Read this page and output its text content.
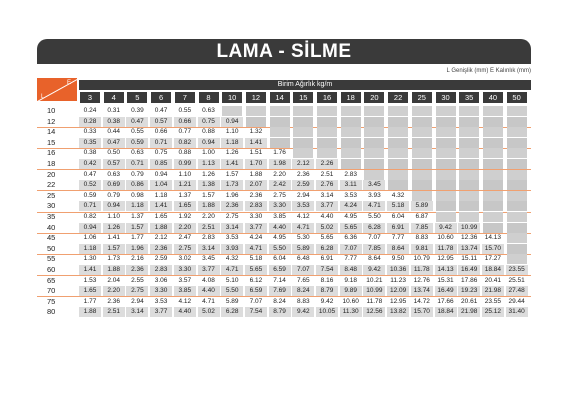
LAMA - SİLME
L Genişlik (mm) E Kalınlık (mm)
E
L
Birim Ağırlık kg/m
3	4	5	6	7	8	10	12	14	15	16	18	20	22	25	30	35	40	50
10	0.24	0.31	0.39	0.47	0.55	0.63
12	0.28	0.38	0.47	0.57	0.66	0.75	0.94
14	0.33	0.44	0.55	0.66	0.77	0.88	1.10	1.32
15	0.35	0.47	0.59	0.71	0.82	0.94	1.18	1.41
16	0.38	0.50	0.63	0.75	0.88	1.00	1.26	1.51	1.76
18	0.42	0.57	0.71	0.85	0.99	1.13	1.41	1.70	1.98	2.12	2.26
20	0.47	0.63	0.79	0.94	1.10	1.26	1.57	1.88	2.20	2.36	2.51	2.83
22	0.52	0.69	0.86	1.04	1.21	1.38	1.73	2.07	2.42	2.59	2.76	3.11	3.45
25	0.59	0.79	0.98	1.18	1.37	1.57	1.96	2.36	2.75	2.94	3.14	3.53	3.93	4.32
30	0.71	0.94	1.18	1.41	1.65	1.88	2.36	2.83	3.30	3.53	3.77	4.24	4.71	5.18	5.89
35	0.82	1.10	1.37	1.65	1.92	2.20	2.75	3.30	3.85	4.12	4.40	4.95	5.50	6.04	6.87
40	0.94	1.26	1.57	1.88	2.20	2.51	3.14	3.77	4.40	4.71	5.02	5.65	6.28	6.91	7.85	9.42	10.99
45	1.06	1.41	1.77	2.12	2.47	2.83	3.53	4.24	4.95	5.30	5.65	6.36	7.07	7.77	8.83	10.60	12.36	14.13
50	1.18	1.57	1.96	2.36	2.75	3.14	3.93	4.71	5.50	5.89	6.28	7.07	7.85	8.64	9.81	11.78	13.74	15.70
55	1.30	1.73	2.16	2.59	3.02	3.45	4.32	5.18	6.04	6.48	6.91	7.77	8.64	9.50	10.79	12.95	15.11	17.27
60	1.41	1.88	2.36	2.83	3.30	3.77	4.71	5.65	6.59	7.07	7.54	8.48	9.42	10.36	11.78	14.13	16.49	18.84	23.55
65	1.53	2.04	2.55	3.06	3.57	4.08	5.10	6.12	7.14	7.65	8.16	9.18	10.21	11.23	12.76	15.31	17.86	20.41	25.51
70	1.65	2.20	2.75	3.30	3.85	4.40	5.50	6.59	7.69	8.24	8.79	9.89	10.99	12.09	13.74	16.49	19.23	21.98	27.48
75	1.77	2.36	2.94	3.53	4.12	4.71	5.89	7.07	8.24	8.83	9.42	10.60	11.78	12.95	14.72	17.66	20.61	23.55	29.44
80	1.88	2.51	3.14	3.77	4.40	5.02	6.28	7.54	8.79	9.42	10.05	11.30	12.56	13.82	15.70	18.84	21.98	25.12	31.40
